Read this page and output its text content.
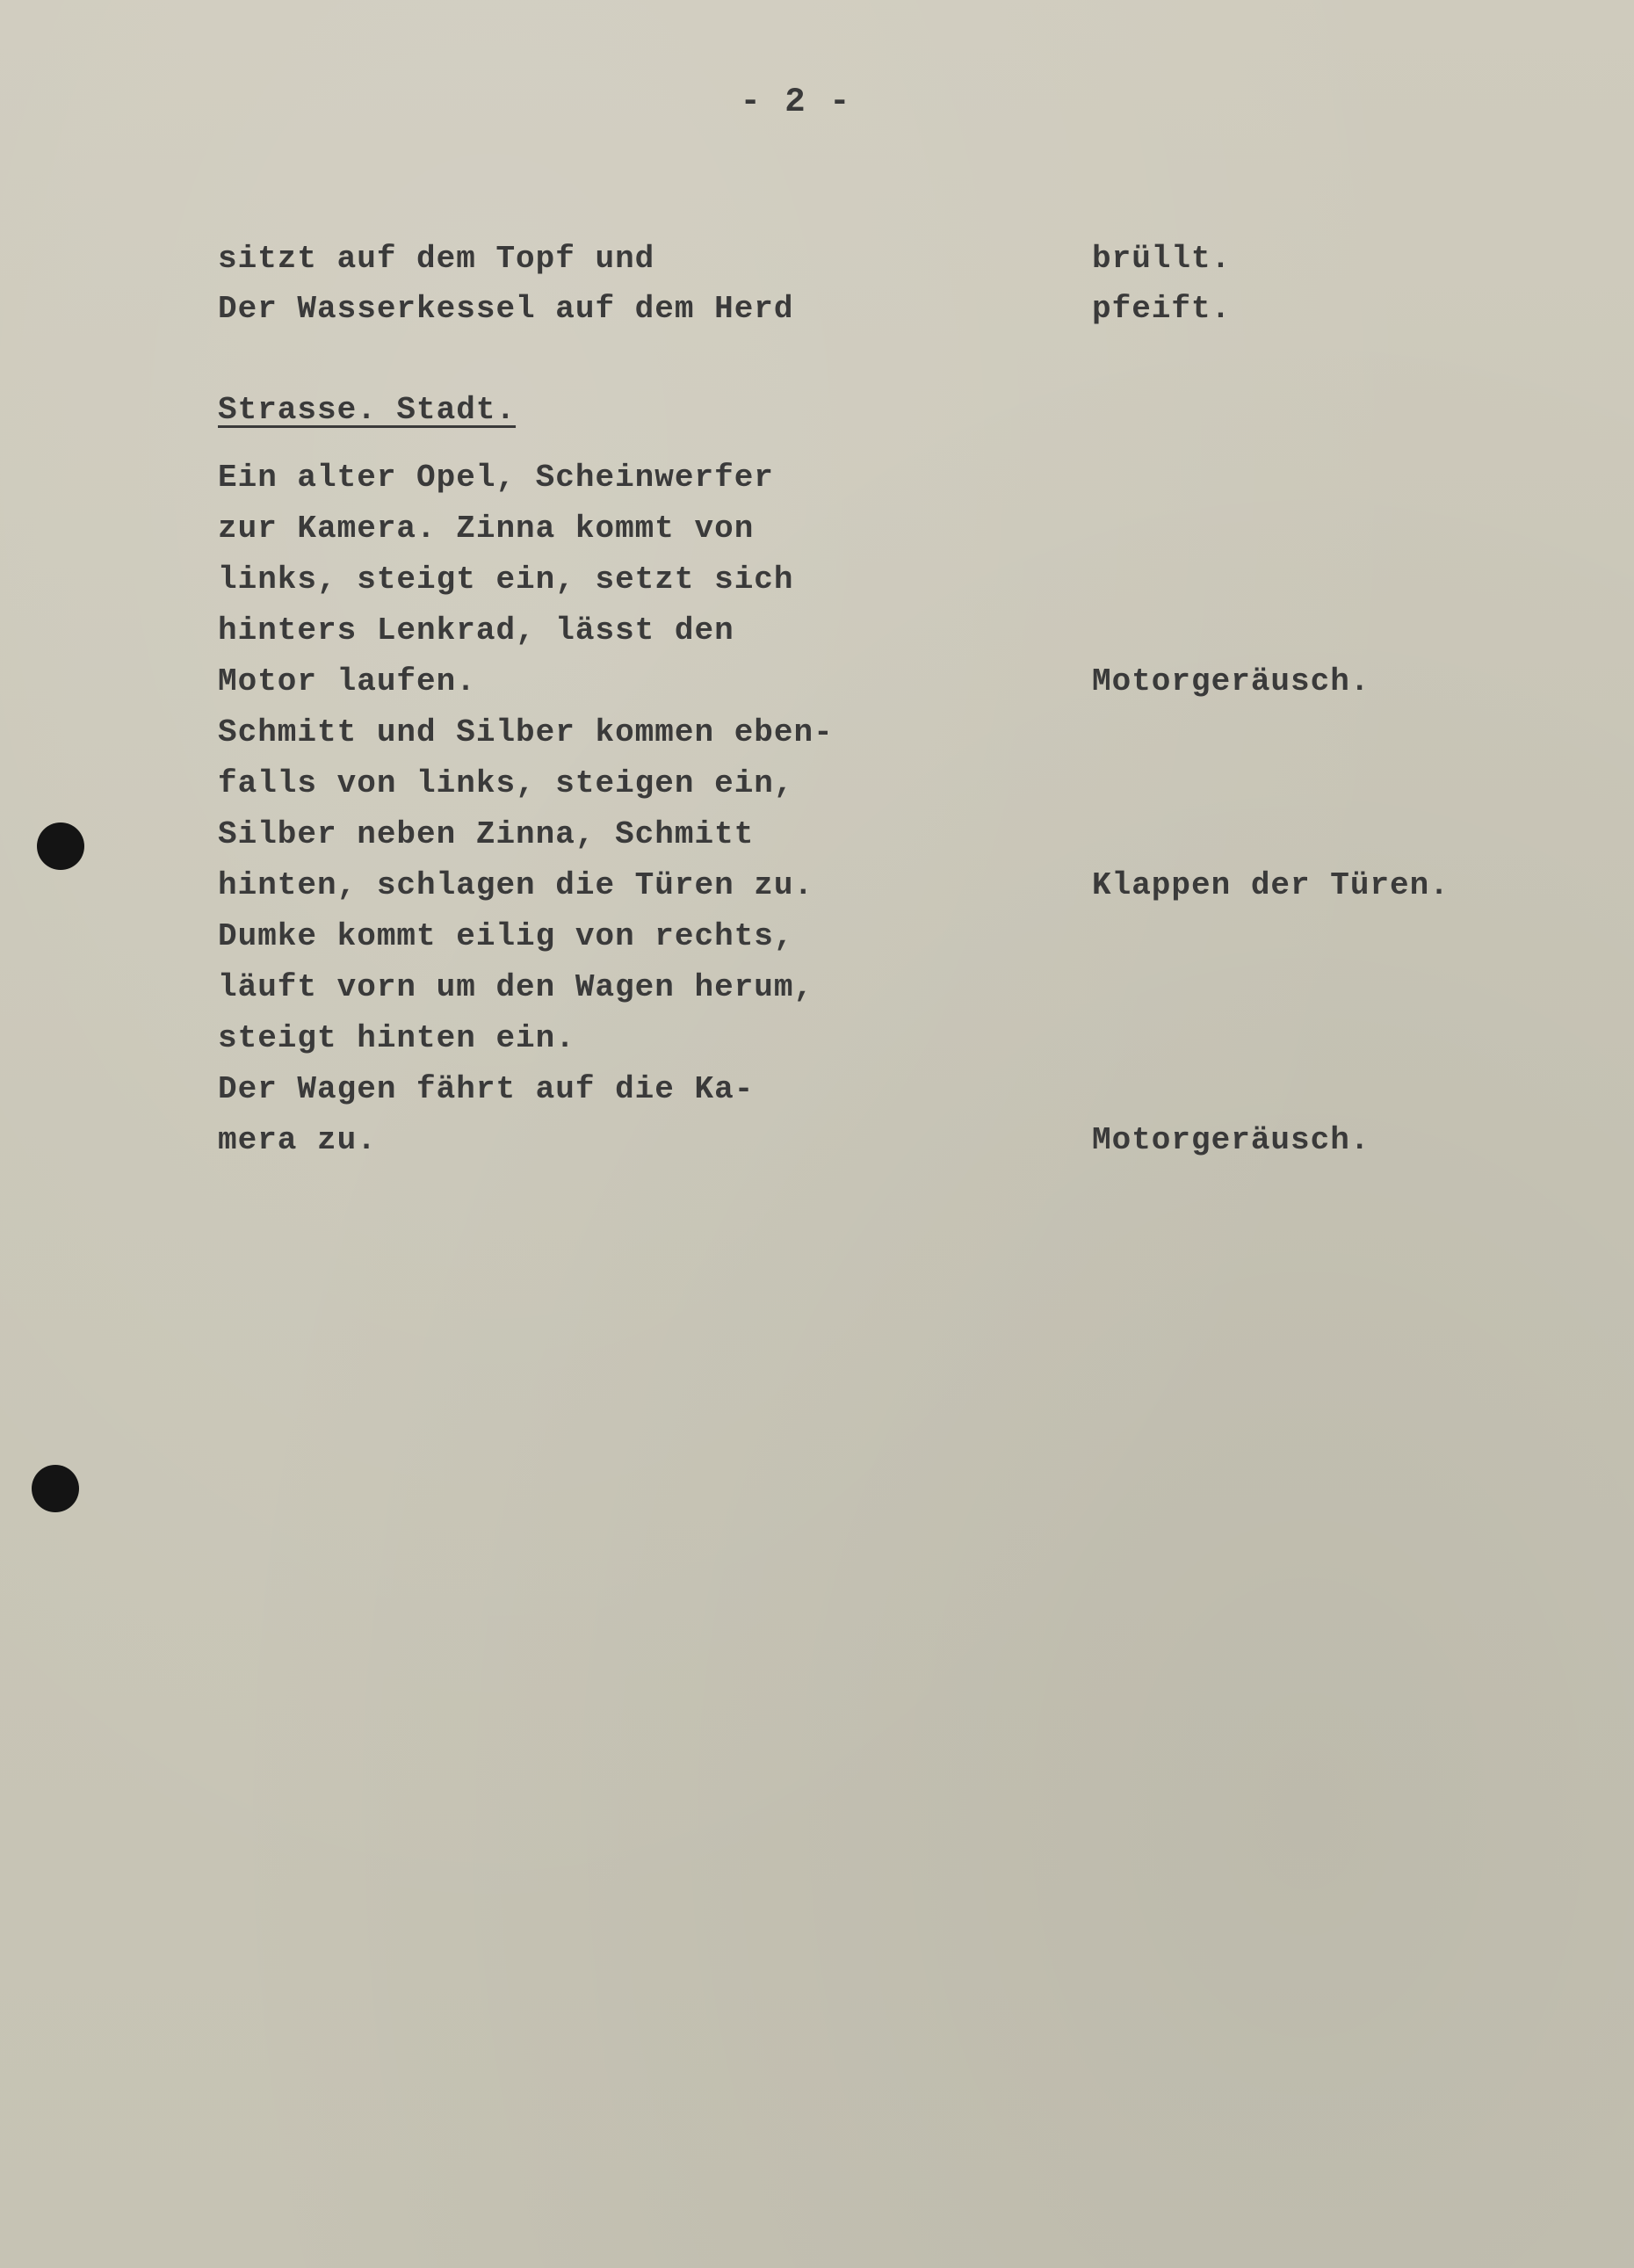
- 2 -
sitzt auf dem Topf und	brüllt.
Der Wasserkessel auf dem Herd	pfeift.
Strasse. Stadt.
Ein alter Opel, Scheinwerfer
zur Kamera. Zinna kommt von
links, steigt ein, setzt sich
hinters Lenkrad, lässt den
Motor laufen.	Motorgeräusch.
Schmitt und Silber kommen eben-
falls von links, steigen ein,
Silber neben Zinna, Schmitt
hinten, schlagen die Türen zu.	Klappen der Türen.
Dumke kommt eilig von rechts,
läuft vorn um den Wagen herum,
steigt hinten ein.
Der Wagen fährt auf die Ka-
mera zu.	Motorgeräusch.
